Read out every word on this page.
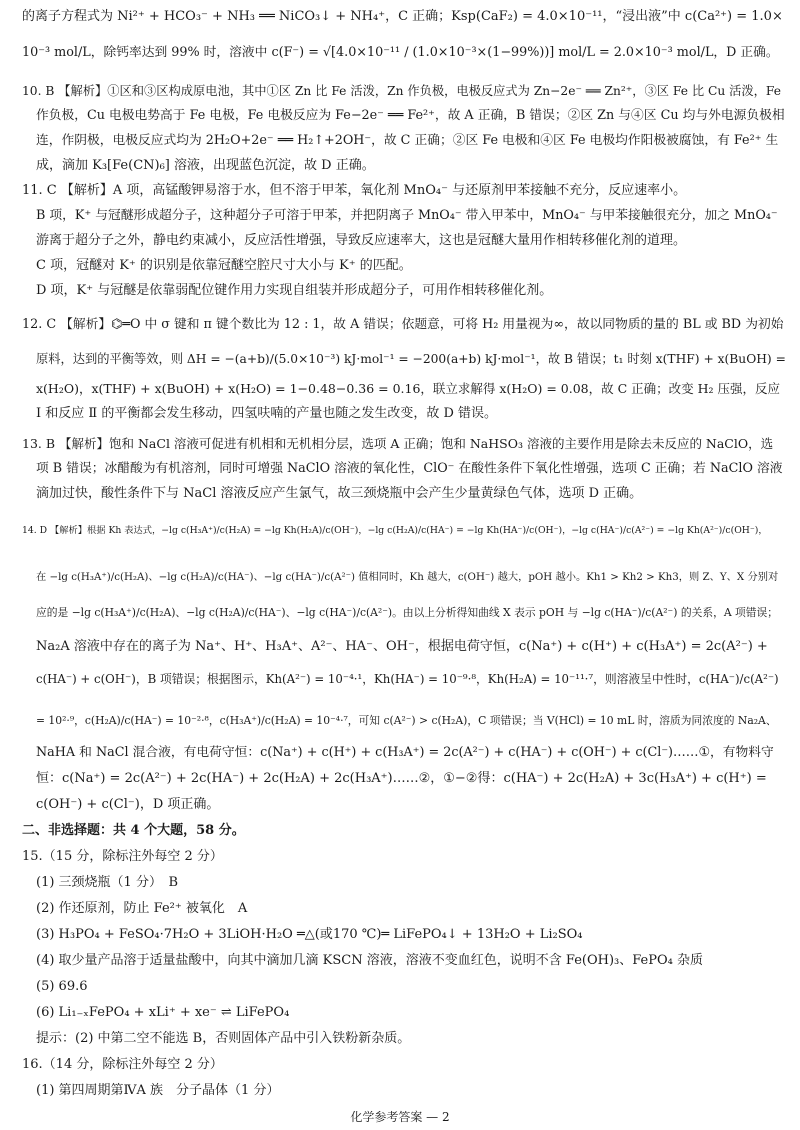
的离子方程式为 Ni²⁺ + HCO₃⁻ + NH₃ ══ NiCO₃↓ + NH₄⁺，C 正确；Ksp(CaF₂) = 4.0×10⁻¹¹，“浸出液”中 c(Ca²⁺) = 1.0×
10⁻³ mol/L，除钙率达到 99% 时，溶液中 c(F⁻) = √[4.0×10⁻¹¹ / (1.0×10⁻³×(1−99%))] mol/L = 2.0×10⁻³ mol/L，D 正确。
10. B 【解析】①区和③区构成原电池，其中①区 Zn 比 Fe 活泼，Zn 作负极，电极反应式为 Zn−2e⁻ ══ Zn²⁺，③区 Fe 比 Cu 活泼，Fe
作负极，Cu 电极电势高于 Fe 电极，Fe 电极反应为 Fe−2e⁻ ══ Fe²⁺，故 A 正确，B 错误；②区 Zn 与④区 Cu 均与外电源负极相
连，作阴极，电极反应式均为 2H₂O+2e⁻ ══ H₂↑+2OH⁻，故 C 正确；②区 Fe 电极和④区 Fe 电极均作阳极被腐蚀，有 Fe²⁺ 生
成，滴加 K₃[Fe(CN)₆] 溶液，出现蓝色沉淀，故 D 正确。
11. C 【解析】A 项，高锰酸钾易溶于水，但不溶于甲苯，氧化剂 MnO₄⁻ 与还原剂甲苯接触不充分，反应速率小。
B 项，K⁺ 与冠醚形成超分子，这种超分子可溶于甲苯，并把阴离子 MnO₄⁻ 带入甲苯中，MnO₄⁻ 与甲苯接触很充分，加之 MnO₄⁻
游离于超分子之外，静电约束减小，反应活性增强，导致反应速率大，这也是冠醚大量用作相转移催化剂的道理。
C 项，冠醚对 K⁺ 的识别是依靠冠醚空腔尺寸大小与 K⁺ 的匹配。
D 项，K⁺ 与冠醚是依靠弱配位键作用力实现自组装并形成超分子，可用作相转移催化剂。
12. C 【解析】⌬═O 中 σ 键和 π 键个数比为 12 : 1，故 A 错误；依题意，可将 H₂ 用量视为∞，故以同物质的量的 BL 或 BD 为初始
原料，达到的平衡等效，则 ΔH = −(a+b)/(5.0×10⁻³) kJ·mol⁻¹ = −200(a+b) kJ·mol⁻¹，故 B 错误；t₁ 时刻 x(THF) + x(BuOH) =
x(H₂O)，x(THF) + x(BuOH) + x(H₂O) = 1−0.48−0.36 = 0.16，联立求解得 x(H₂O) = 0.08，故 C 正确；改变 H₂ 压强，反应
Ⅰ 和反应 Ⅱ 的平衡都会发生移动，四氢呋喃的产量也随之发生改变，故 D 错误。
13. B 【解析】饱和 NaCl 溶液可促进有机相和无机相分层，选项 A 正确；饱和 NaHSO₃ 溶液的主要作用是除去未反应的 NaClO，选
项 B 错误；冰醋酸为有机溶剂，同时可增强 NaClO 溶液的氧化性，ClO⁻ 在酸性条件下氧化性增强，选项 C 正确；若 NaClO 溶液
滴加过快，酸性条件下与 NaCl 溶液反应产生氯气，故三颈烧瓶中会产生少量黄绿色气体，选项 D 正确。
14. D 【解析】根据 Kh 表达式，−lg c(H₃A⁺)/c(H₂A) = −lg Kh(H₂A)/c(OH⁻)，−lg c(H₂A)/c(HA⁻) = −lg Kh(HA⁻)/c(OH⁻)，−lg c(HA⁻)/c(A²⁻) = −lg Kh(A²⁻)/c(OH⁻)，
在 −lg c(H₃A⁺)/c(H₂A)、−lg c(H₂A)/c(HA⁻)、−lg c(HA⁻)/c(A²⁻) 值相同时，Kh 越大，c(OH⁻) 越大，pOH 越小。Kh1 > Kh2 > Kh3，则 Z、Y、X 分别对
应的是 −lg c(H₃A⁺)/c(H₂A)、−lg c(H₂A)/c(HA⁻)、−lg c(HA⁻)/c(A²⁻)。由以上分析得知曲线 X 表示 pOH 与 −lg c(HA⁻)/c(A²⁻) 的关系，A 项错误；
Na₂A 溶液中存在的离子为 Na⁺、H⁺、H₃A⁺、A²⁻、HA⁻、OH⁻，根据电荷守恒，c(Na⁺) + c(H⁺) + c(H₃A⁺) = 2c(A²⁻) +
c(HA⁻) + c(OH⁻)，B 项错误；根据图示，Kh(A²⁻) = 10⁻⁴·¹，Kh(HA⁻) = 10⁻⁹·⁸，Kh(H₂A) = 10⁻¹¹·⁷，则溶液呈中性时，c(HA⁻)/c(A²⁻)
= 10²·⁹，c(H₂A)/c(HA⁻) = 10⁻²·⁸，c(H₃A⁺)/c(H₂A) = 10⁻⁴·⁷，可知 c(A²⁻) > c(H₂A)，C 项错误；当 V(HCl) = 10 mL 时，溶质为同浓度的 Na₂A、
NaHA 和 NaCl 混合液，有电荷守恒：c(Na⁺) + c(H⁺) + c(H₃A⁺) = 2c(A²⁻) + c(HA⁻) + c(OH⁻) + c(Cl⁻)……①，有物料守
恒：c(Na⁺) = 2c(A²⁻) + 2c(HA⁻) + 2c(H₂A) + 2c(H₃A⁺)……②，①−②得：c(HA⁻) + 2c(H₂A) + 3c(H₃A⁺) + c(H⁺) =
c(OH⁻) + c(Cl⁻)，D 项正确。
二、非选择题：共 4 个大题，58 分。
15.（15 分，除标注外每空 2 分）
(1) 三颈烧瓶（1 分）　B
(2) 作还原剂，防止 Fe²⁺ 被氧化　A
(3) H₃PO₄ + FeSO₄·7H₂O + 3LiOH·H₂O ═△(或170 ℃)═ LiFePO₄↓ + 13H₂O + Li₂SO₄
(4) 取少量产品溶于适量盐酸中，向其中滴加几滴 KSCN 溶液，溶液不变血红色，说明不含 Fe(OH)₃、FePO₄ 杂质
(5) 69.6
(6) Li₁₋ₓFePO₄ + xLi⁺ + xe⁻ ⇌ LiFePO₄
提示：(2) 中第二空不能选 B，否则固体产品中引入铁粉新杂质。
16.（14 分，除标注外每空 2 分）
(1) 第四周期第ⅣA 族　分子晶体（1 分）
化学参考答案 — 2
